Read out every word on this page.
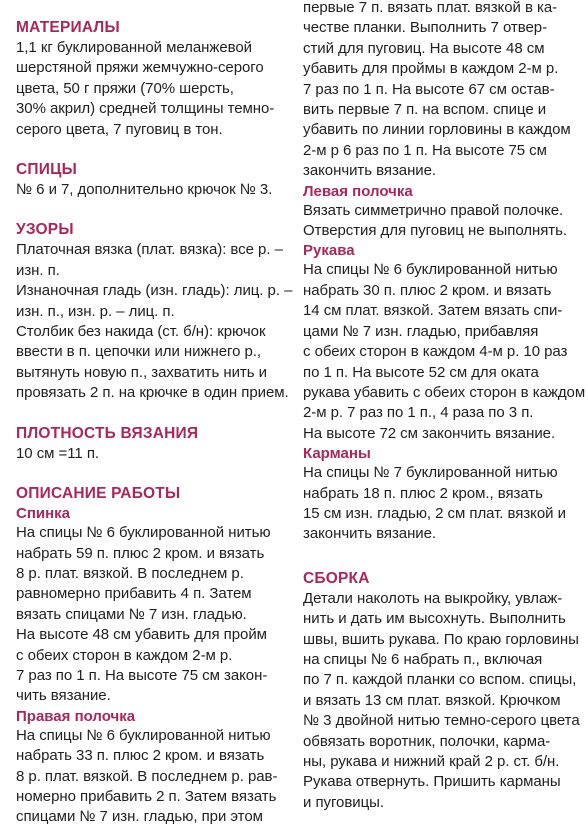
МАТЕРИАЛЫ
1,1 кг буклированной меланжевой
шерстяной пряжи жемчужно-серого
цвета, 50 г пряжи (70% шерсть,
30% акрил) средней толщины темно-
серого цвета, 7 пуговиц в тон.
СПИЦЫ
№ 6 и 7, дополнительно крючок № 3.
УЗОРЫ
Платочная вязка (плат. вязка): все р. –
изн. п.
Изнаночная гладь (изн. гладь): лиц. р. –
изн. п., изн. р. – лиц. п.
Столбик без накида (ст. б/н): крючок
ввести в п. цепочки или нижнего р.,
вытянуть новую п., захватить нить и
провязать 2 п. на крючке в один прием.
ПЛОТНОСТЬ ВЯЗАНИЯ
10 см =11 п.
ОПИСАНИЕ РАБОТЫ
Спинка
На спицы № 6 буклированной нитью
набрать 59 п. плюс 2 кром. и вязать
8 р. плат. вязкой. В последнем р.
равномерно прибавить 4 п. Затем
вязать спицами № 7 изн. гладью.
На высоте 48 см убавить для пройм
с обеих сторон в каждом 2-м р.
7 раз по 1 п. На высоте 75 см закон-
чить вязание.
Правая полочка
На спицы № 6 буклированной нитью
набрать 33 п. плюс 2 кром. и вязать
8 р. плат. вязкой. В последнем р. рав-
номерно прибавить 2 п. Затем вязать
спицами № 7 изн. гладью, при этом
первые 7 п. вязать плат. вязкой в ка-
честве планки. Выполнить 7 отвер-
стий для пуговиц. На высоте 48 см
убавить для проймы в каждом 2-м р.
7 раз по 1 п. На высоте 67 см остав-
вить первые 7 п. на вспом. спице и
убавить по линии горловины в каждом
2-м р 6 раз по 1 п. На высоте 75 см
закончить вязание.
Левая полочка
Вязать симметрично правой полочке.
Отверстия для пуговиц не выполнять.
Рукава
На спицы № 6 буклированной нитью
набрать 30 п. плюс 2 кром. и вязать
14 см плат. вязкой. Затем вязать спи-
цами № 7 изн. гладью, прибавляя
с обеих сторон в каждом 4-м р. 10 раз
по 1 п. На высоте 52 см для оката
рукава убавить с обеих сторон в каждом
2-м р. 7 раз по 1 п., 4 раза по 3 п.
На высоте 72 см закончить вязание.
Карманы
На спицы № 7 буклированной нитью
набрать 18 п. плюс 2 кром., вязать
15 см изн. гладью, 2 см плат. вязкой и
закончить вязание.
СБОРКА
Детали наколоть на выкройку, увлаж-
нить и дать им высохнуть. Выполнить
швы, вшить рукава. По краю горловины
на спицы № 6 набрать п., включая
по 7 п. каждой планки со вспом. спицы,
и вязать 13 см плат. вязкой. Крючком
№ 3 двойной нитью темно-серого цвета
обвязать воротник, полочки, карма-
ны, рукава и нижний край 2 р. ст. б/н.
Рукава отвернуть. Пришить карманы
и пуговицы.
